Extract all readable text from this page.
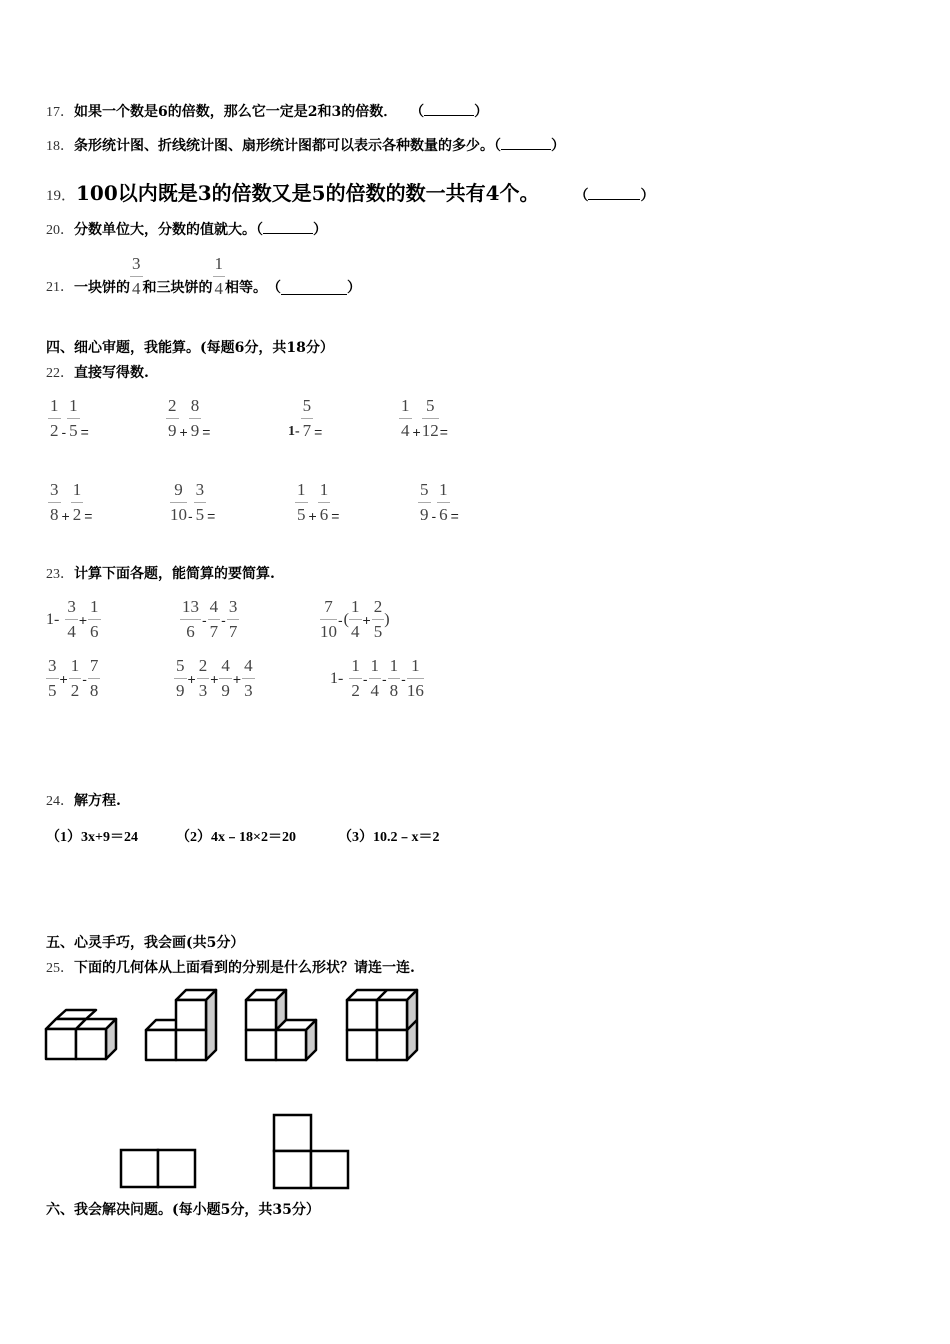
17．如果一个数是6的倍数，那么它一定是2和3的倍数． （	）
18．条形统计图、折线统计图、扇形统计图都可以表示各种数量的多少。（	）
19．100以内既是3的倍数又是5的倍数的数一共有4个。 （	）
20．分数单位大，分数的值就大。（	）
21． 一块饼的 $\frac{3}{4}$ 和三块饼的 $\frac{1}{4}$ 相等。 （	）
四、细心审题，我能算。(每题6分，共18分）
22．直接写得数.
$\frac{1}{2} - \frac{1}{5}$ =	$\frac{2}{9} + \frac{8}{9}$ =	$1- \frac{5}{7}$ =	$\frac{1}{4} + \frac{5}{12}$ =
$\frac{3}{8} + \frac{1}{2}$ =	$\frac{9}{10} - \frac{3}{5}$ =	$\frac{1}{5} + \frac{1}{6}$ =	$\frac{5}{9} - \frac{1}{6}$ =
23．计算下面各题，能简算的要简算.
$1- \frac{3}{4} + \frac{1}{6}$	$\frac{13}{6} - \frac{4}{7} - \frac{3}{7}$	$\frac{7}{10}$ - ( $\frac{1}{4} + \frac{2}{5}$ )
$\frac{3}{5} + \frac{1}{2} - \frac{7}{8}$	$\frac{5}{9} + \frac{2}{3} + \frac{4}{9} + \frac{4}{3}$	$1- \frac{1}{2} - \frac{1}{4} - \frac{1}{8} - \frac{1}{16}$
24．解方程.
（1）3x+9＝24	（2）4x﹣18×2＝20	（3）10.2﹣x＝2
五、心灵手巧，我会画(共5分）
25．下面的几何体从上面看到的分别是什么形状？请连一连.
六、我会解决问题。(每小题5分，共35分）
